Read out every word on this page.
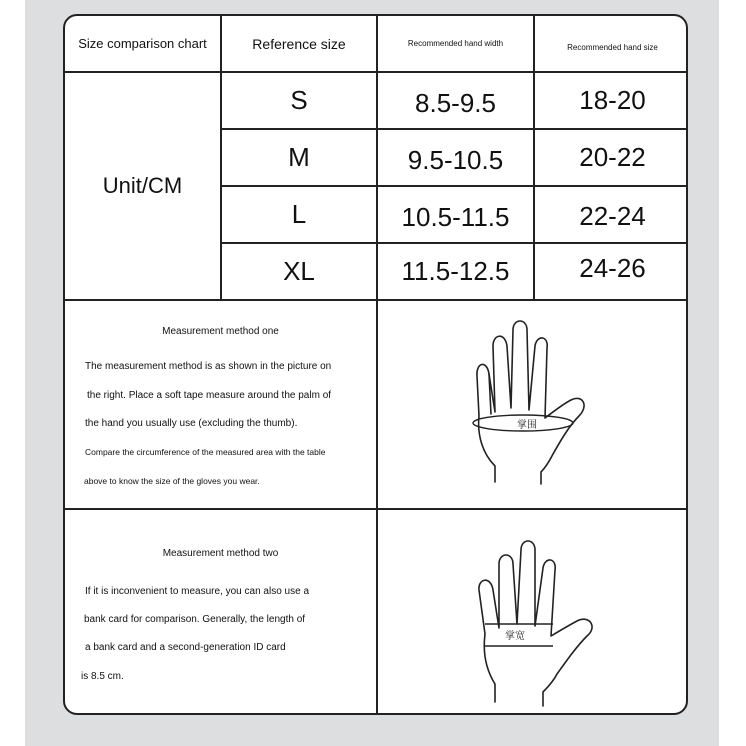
Size comparison chart	Reference size	Recommended hand width	Recommended hand size
Unit/CM
S	8.5-9.5	18-20
M	9.5-10.5	20-22
L	10.5-11.5	22-24
XL	11.5-12.5	24-26
Measurement method one
The measurement method is as shown in the picture on
the right. Place a soft tape measure around the palm of
the hand you usually use (excluding the thumb).
Compare the circumference of the measured area with the table
above to know the size of the gloves you wear.
掌围
Measurement method two
If it is inconvenient to measure, you can also use a
bank card for comparison. Generally, the length of
a bank card and a second-generation ID card
is 8.5 cm.
掌宽
